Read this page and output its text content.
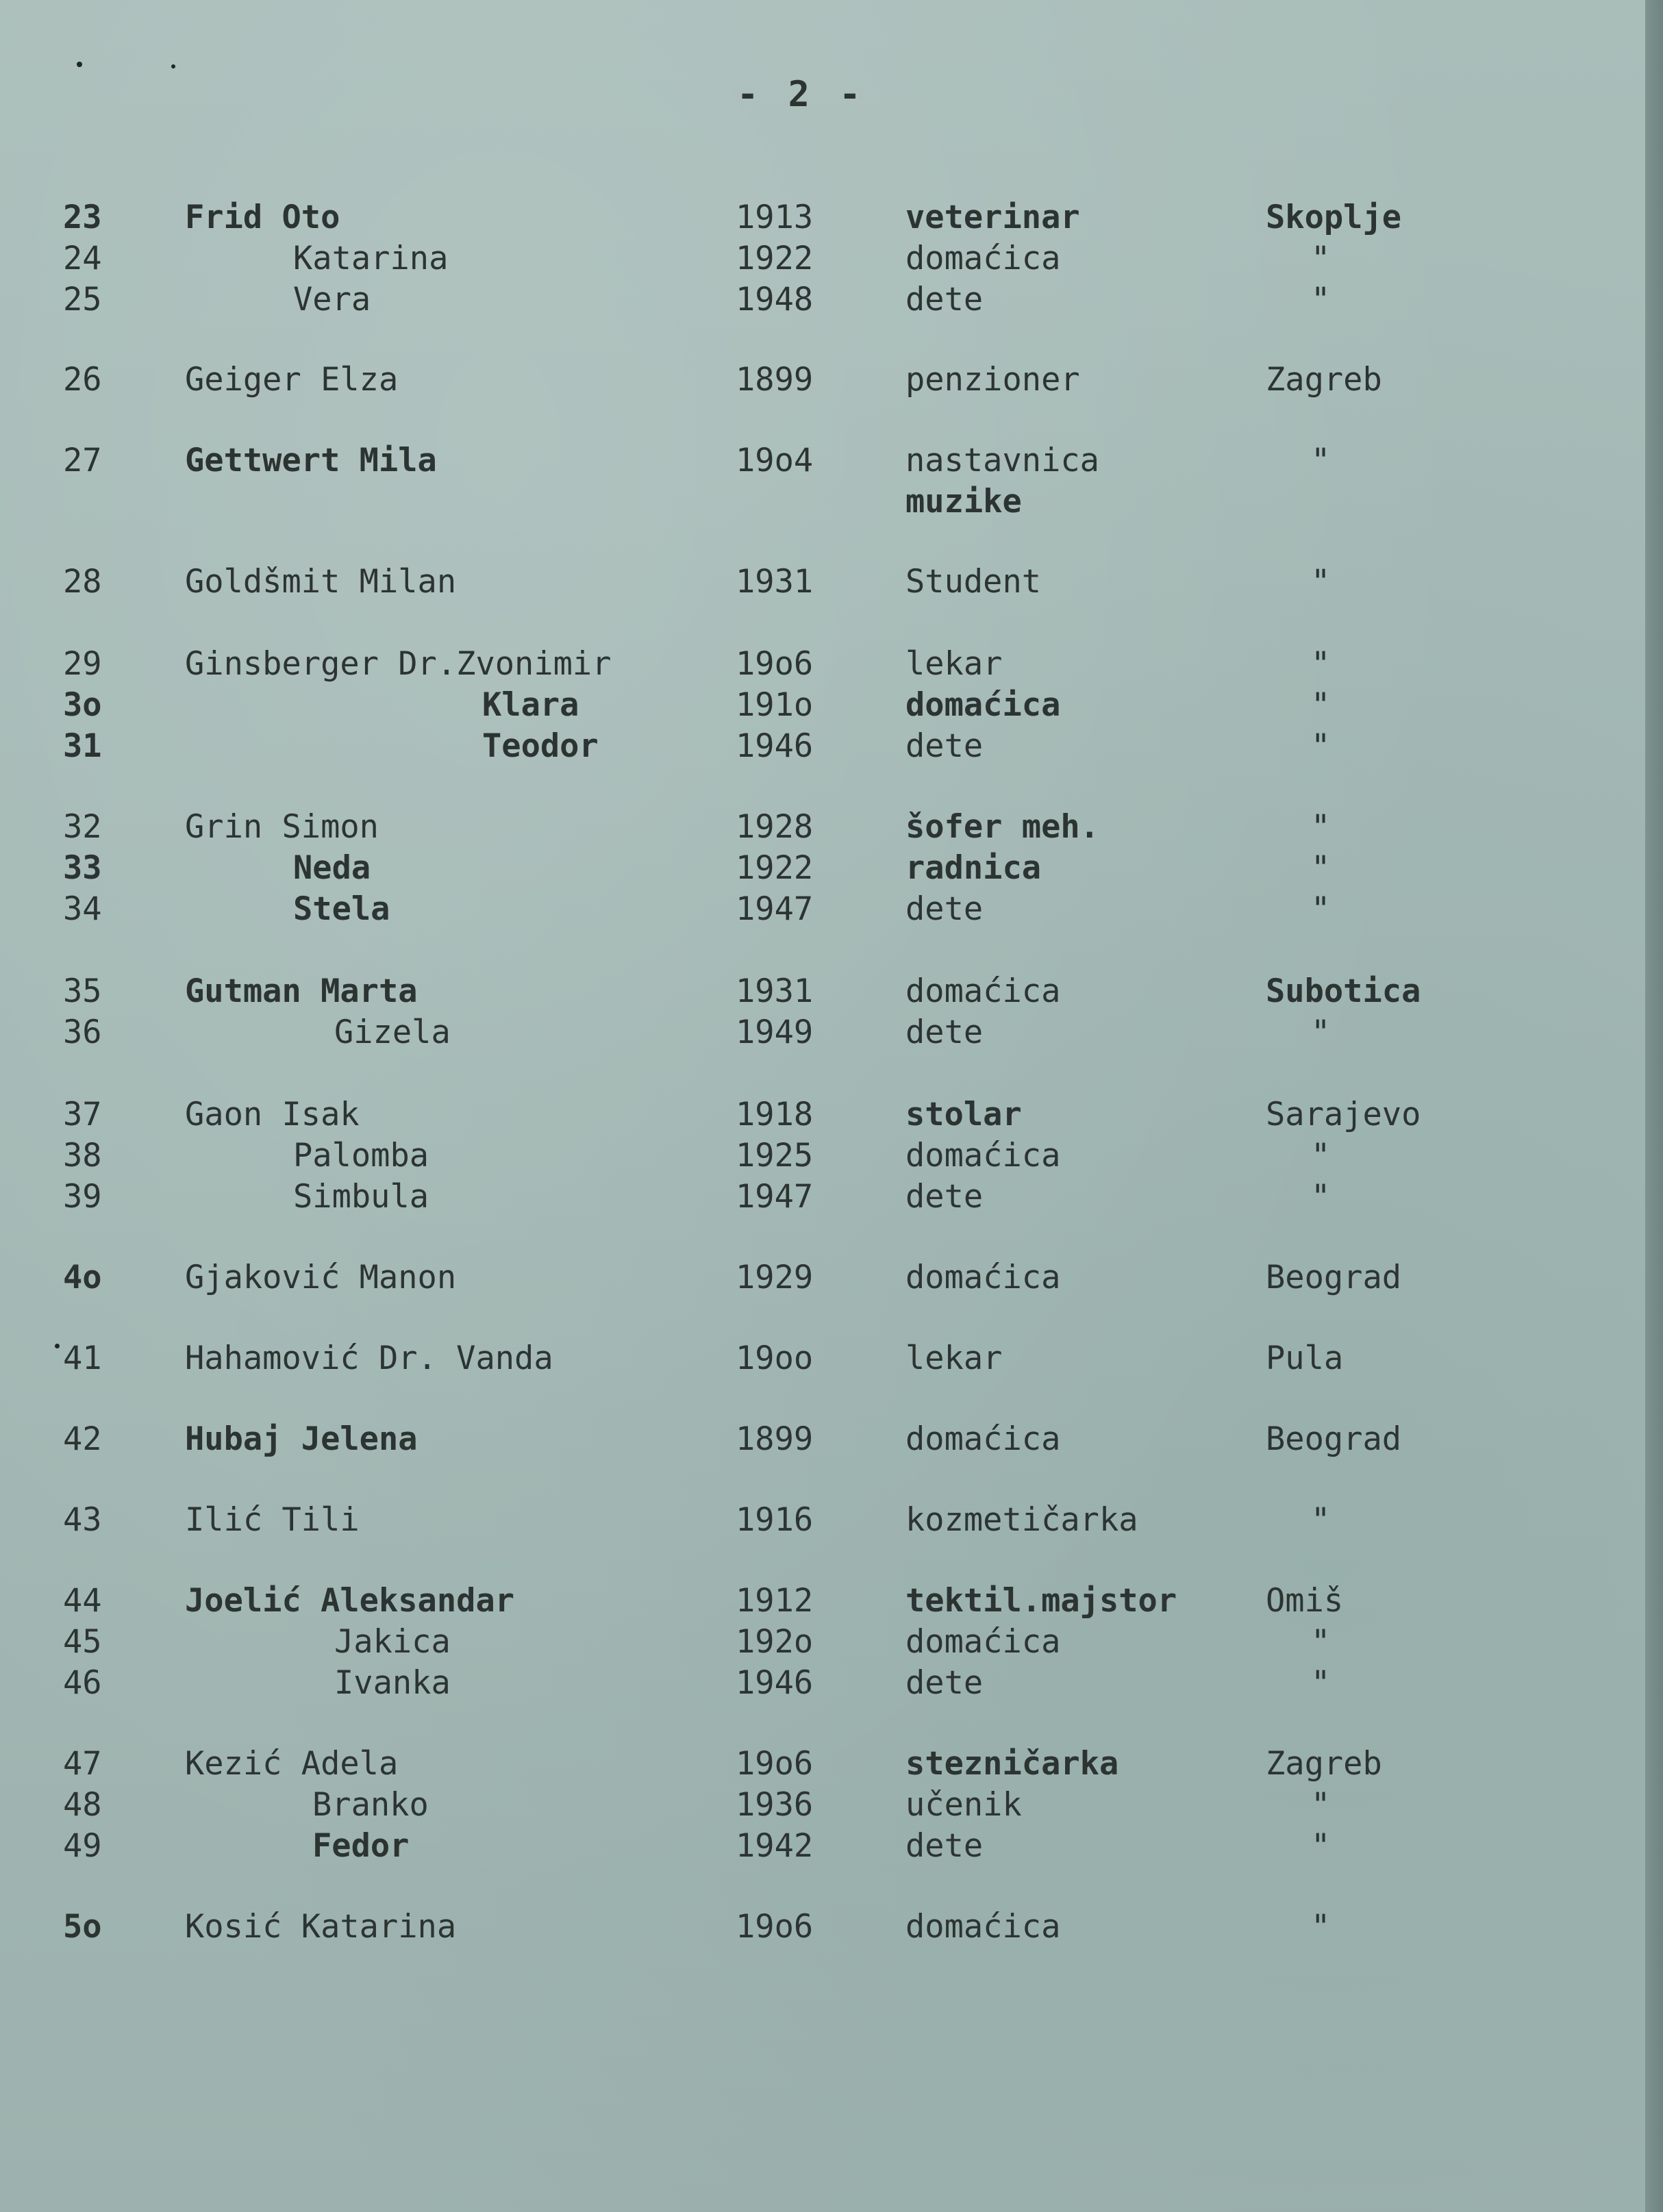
- 2 -
23	Frid Oto	1913	veterinar	Skoplje
24	Katarina	1922	domaćica	"
25	Vera	1948	dete	"
26	Geiger Elza	1899	penzioner	Zagreb
27	Gettwert Mila	19o4	nastavnica	"
muzike
28	Goldšmit Milan	1931	Student	"
29	Ginsberger Dr.Zvonimir	19o6	lekar	"
3o	Klara	191o	domaćica	"
31	Teodor	1946	dete	"
32	Grin Simon	1928	šofer meh.	"
33	Neda	1922	radnica	"
34	Stela	1947	dete	"
35	Gutman Marta	1931	domaćica	Subotica
36	Gizela	1949	dete	"
37	Gaon Isak	1918	stolar	Sarajevo
38	Palomba	1925	domaćica	"
39	Simbula	1947	dete	"
4o	Gjaković Manon	1929	domaćica	Beograd
41	Hahamović Dr. Vanda	19oo	lekar	Pula
42	Hubaj Jelena	1899	domaćica	Beograd
43	Ilić Tili	1916	kozmetičarka	"
44	Joelić Aleksandar	1912	tektil.majstor	Omiš
45	Jakica	192o	domaćica	"
46	Ivanka	1946	dete	"
47	Kezić Adela	19o6	stezničarka	Zagreb
48	Branko	1936	učenik	"
49	Fedor	1942	dete	"
5o	Kosić Katarina	19o6	domaćica	"
